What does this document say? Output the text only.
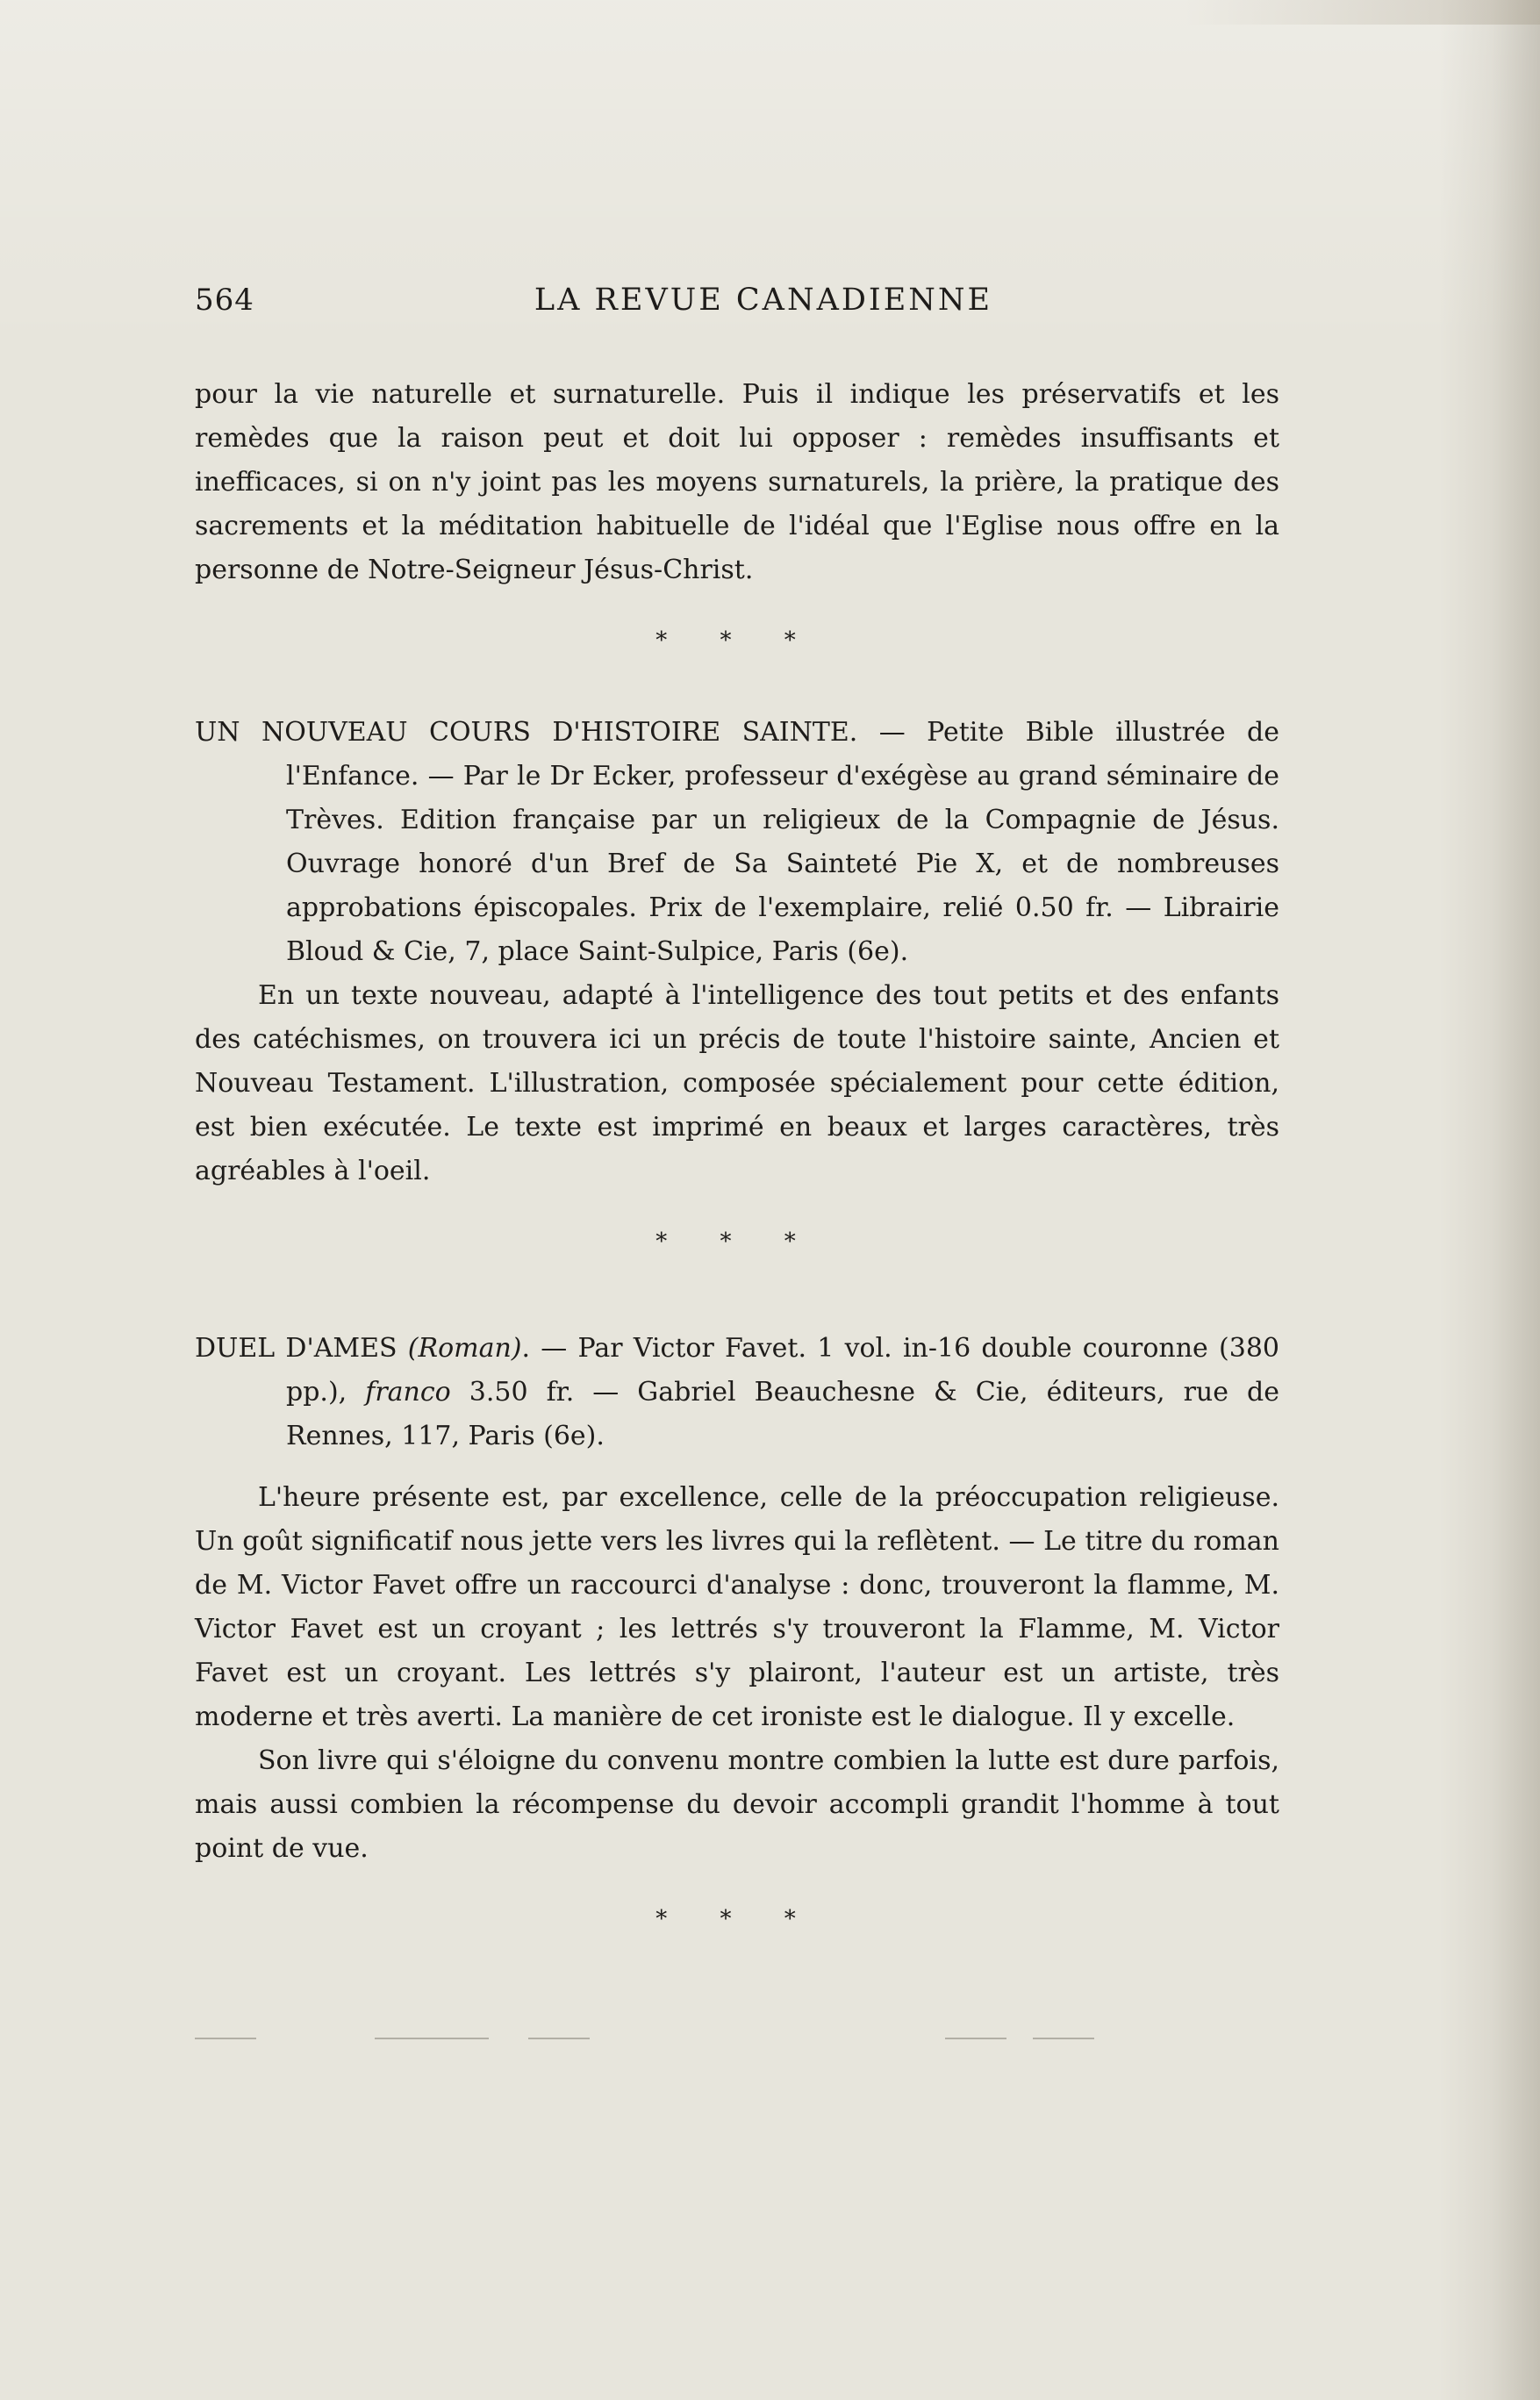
564	LA REVUE CANADIENNE

pour la vie naturelle et surnaturelle. Puis il indique les préservatifs et les remèdes que la raison peut et doit lui opposer : remèdes insuffisants et inefficaces, si on n'y joint pas les moyens surnaturels, la prière, la pratique des sacrements et la méditation habituelle de l'idéal que l'Eglise nous offre en la personne de Notre-Seigneur Jésus-Christ.

* * *

UN NOUVEAU COURS D'HISTOIRE SAINTE. — Petite Bible illustrée de l'Enfance. — Par le Dr Ecker, professeur d'exégèse au grand séminaire de Trèves. Edition française par un religieux de la Compagnie de Jésus. Ouvrage honoré d'un Bref de Sa Sainteté Pie X, et de nombreuses approbations épiscopales. Prix de l'exemplaire, relié 0.50 fr. — Librairie Bloud & Cie, 7, place Saint-Sulpice, Paris (6e).

En un texte nouveau, adapté à l'intelligence des tout petits et des enfants des catéchismes, on trouvera ici un précis de toute l'histoire sainte, Ancien et Nouveau Testament. L'illustration, composée spécialement pour cette édition, est bien exécutée. Le texte est imprimé en beaux et larges caractères, très agréables à l'oeil.

* * *

DUEL D'AMES (Roman). — Par Victor Favet. 1 vol. in-16 double couronne (380 pp.), franco 3.50 fr. — Gabriel Beauchesne & Cie, éditeurs, rue de Rennes, 117, Paris (6e).

L'heure présente est, par excellence, celle de la préoccupation religieuse. Un goût significatif nous jette vers les livres qui la reflètent. — Le titre du roman de M. Victor Favet offre un raccourci d'analyse : donc, trouveront la flamme, M. Victor Favet est un croyant ; les lettrés s'y trouveront la Flamme, M. Victor Favet est un croyant. Les lettrés s'y plairont, l'auteur est un artiste, très moderne et très averti. La manière de cet ironiste est le dialogue. Il y excelle.

Son livre qui s'éloigne du convenu montre combien la lutte est dure parfois, mais aussi combien la récompense du devoir accompli grandit l'homme à tout point de vue.

* * *
